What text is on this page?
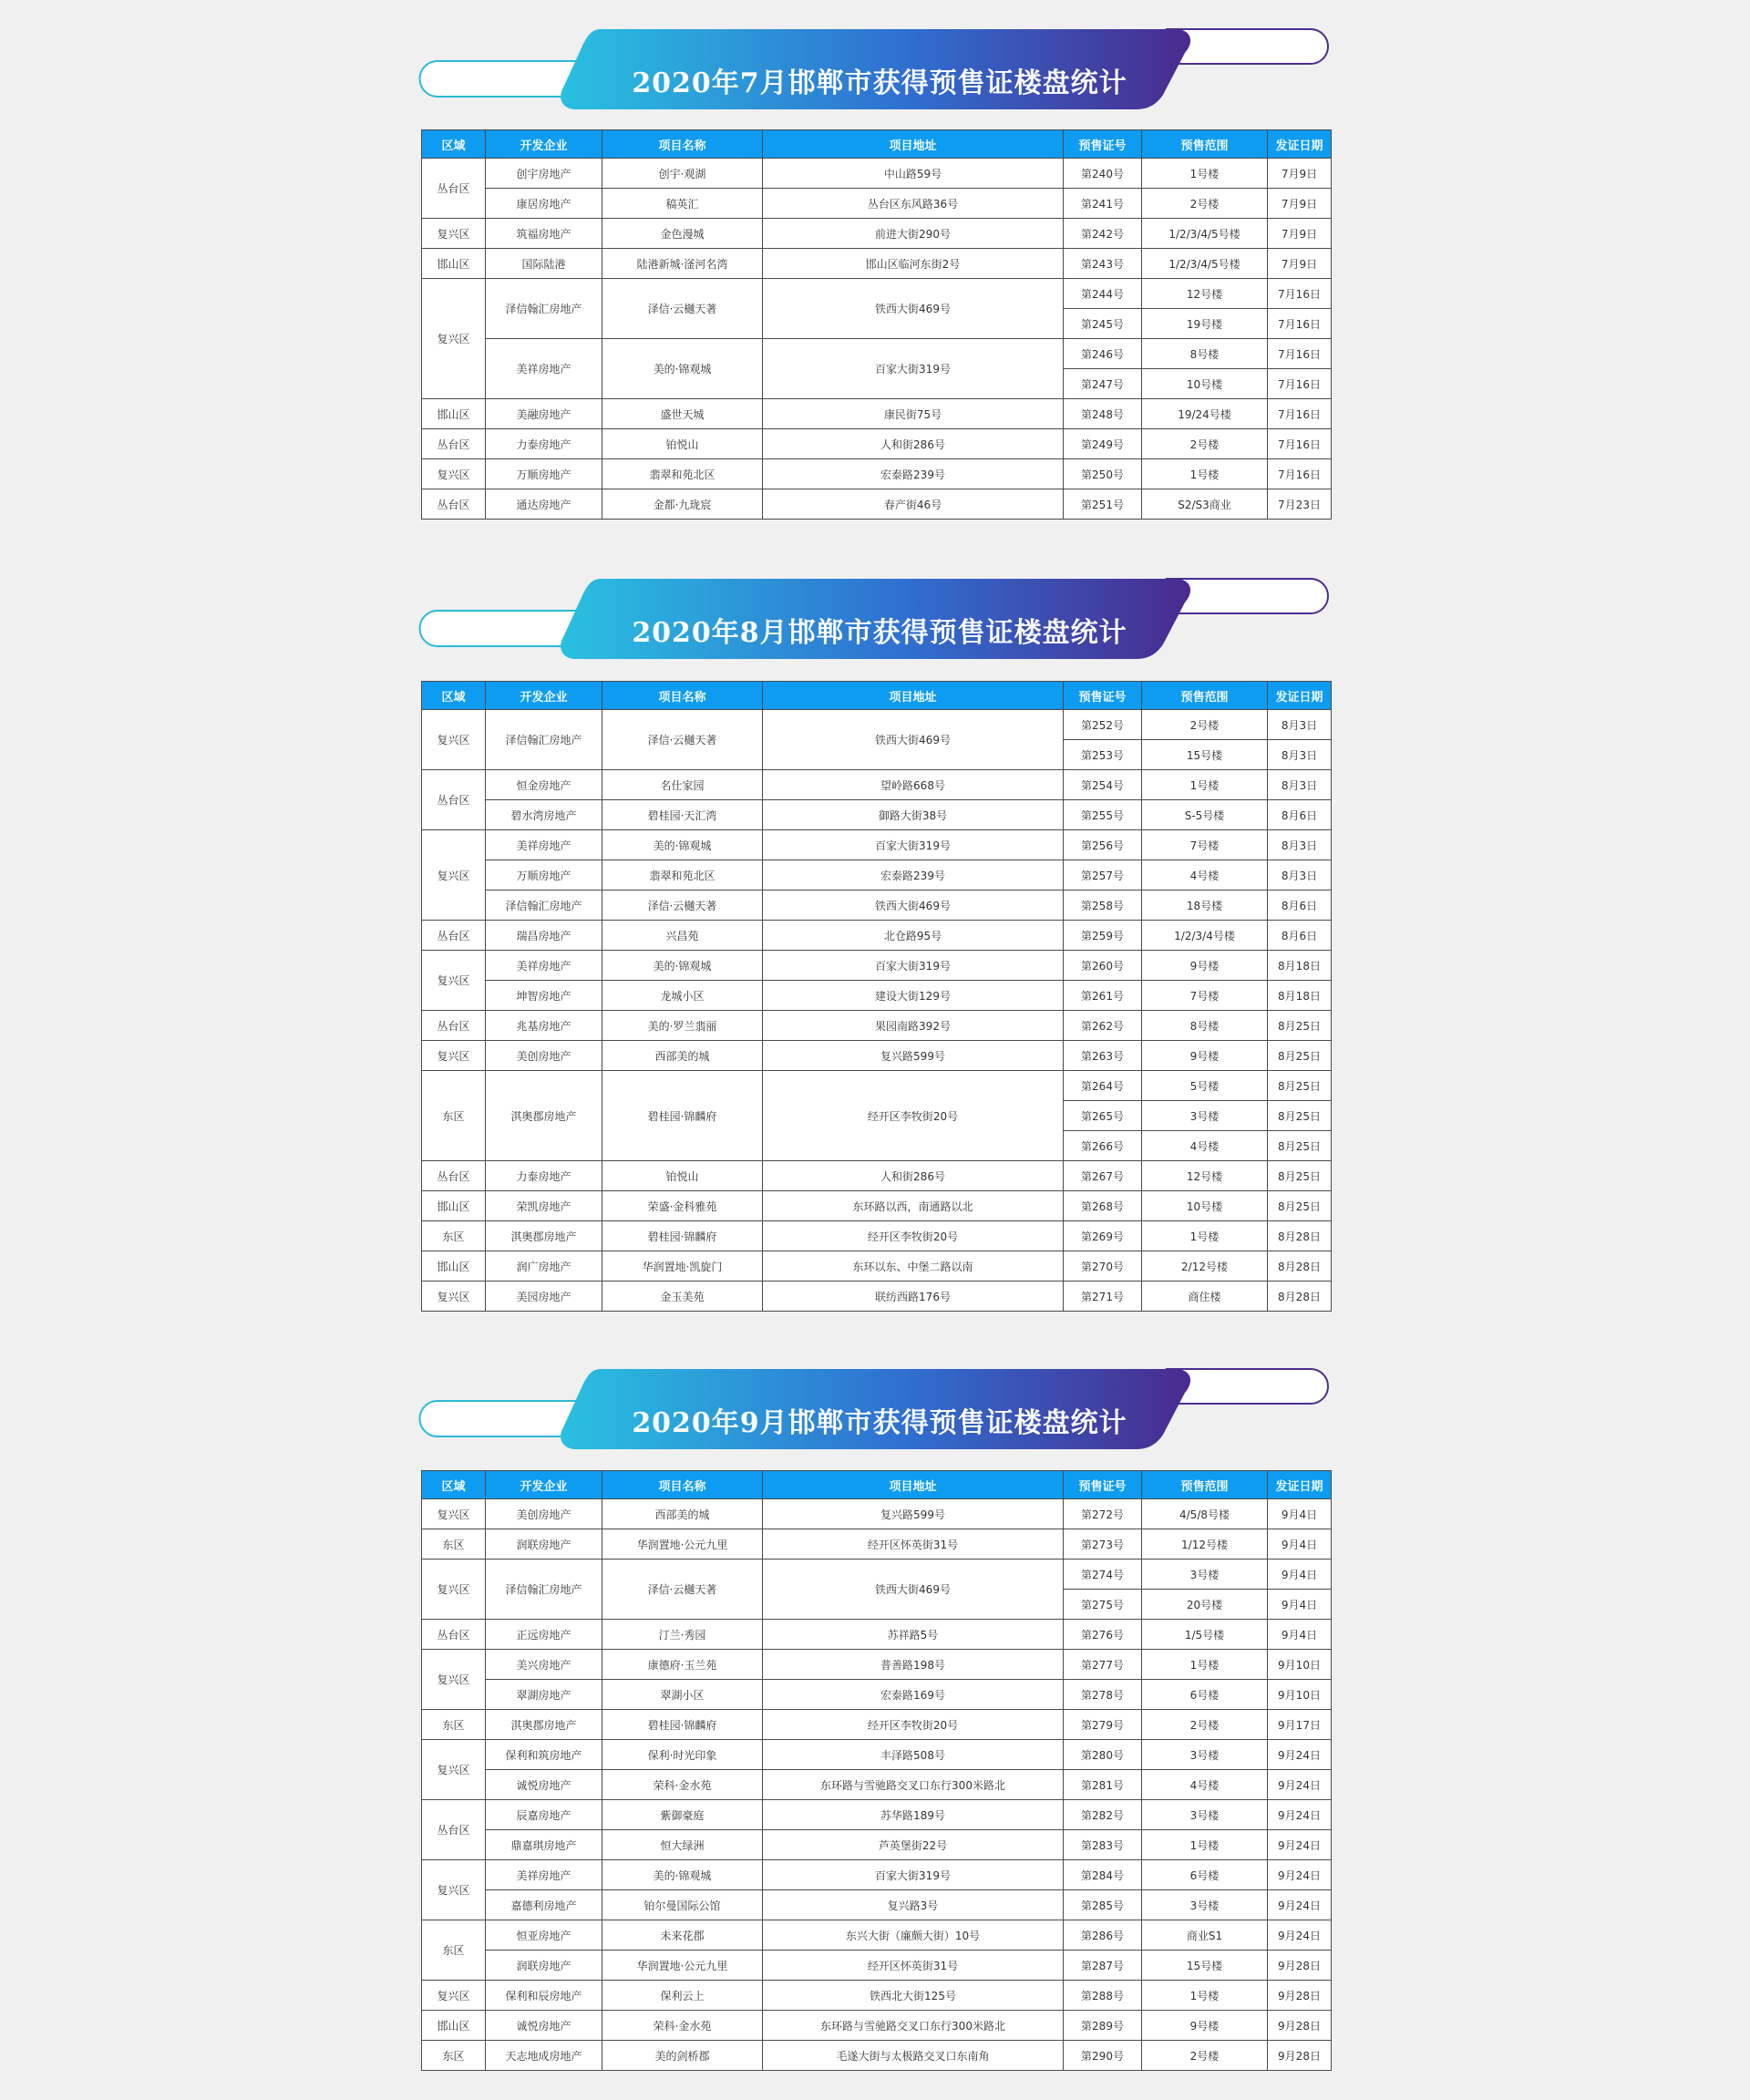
2020年7月邯郸市获得预售证楼盘统计
区域	开发企业	项目名称	项目地址	预售证号	预售范围	发证日期
丛台区	创宇房地产	创宇·观湖	中山路59号	第240号	1号楼	7月9日
	康居房地产	稿英汇	丛台区东风路36号	第241号	2号楼	7月9日
复兴区	筑福房地产	金色漫城	前进大街290号	第242号	1/2/3/4/5号楼	7月9日
邯山区	国际陆港	陆港新城·滏河名湾	邯山区临河东街2号	第243号	1/2/3/4/5号楼	7月9日
复兴区	泽信翰汇房地产	泽信·云樾天著	铁西大街469号	第244号	12号楼	7月16日
				第245号	19号楼	7月16日
	美祥房地产	美的·锦观城	百家大街319号	第246号	8号楼	7月16日
				第247号	10号楼	7月16日
邯山区	美融房地产	盛世天城	康民街75号	第248号	19/24号楼	7月16日
丛台区	力泰房地产	铂悦山	人和街286号	第249号	2号楼	7月16日
复兴区	万顺房地产	翡翠和苑北区	宏泰路239号	第250号	1号楼	7月16日
丛台区	通达房地产	金都·九珑宸	春产街46号	第251号	S2/S3商业	7月23日
2020年8月邯郸市获得预售证楼盘统计
区域	开发企业	项目名称	项目地址	预售证号	预售范围	发证日期
复兴区	泽信翰汇房地产	泽信·云樾天著	铁西大街469号	第252号	2号楼	8月3日
				第253号	15号楼	8月3日
丛台区	恒金房地产	名仕家园	望岭路668号	第254号	1号楼	8月3日
	碧水湾房地产	碧桂园·天汇湾	御路大街38号	第255号	S-5号楼	8月6日
复兴区	美祥房地产	美的·锦观城	百家大街319号	第256号	7号楼	8月3日
	万顺房地产	翡翠和苑北区	宏泰路239号	第257号	4号楼	8月3日
	泽信翰汇房地产	泽信·云樾天著	铁西大街469号	第258号	18号楼	8月6日
丛台区	瑞昌房地产	兴昌苑	北仓路95号	第259号	1/2/3/4号楼	8月6日
复兴区	美祥房地产	美的·锦观城	百家大街319号	第260号	9号楼	8月18日
	坤智房地产	龙城小区	建设大街129号	第261号	7号楼	8月18日
丛台区	兆基房地产	美的·罗兰翡丽	果园南路392号	第262号	8号楼	8月25日
复兴区	美创房地产	西部美的城	复兴路599号	第263号	9号楼	8月25日
东区	淇奥郡房地产	碧桂园·锦麟府	经开区李牧街20号	第264号	5号楼	8月25日
				第265号	3号楼	8月25日
				第266号	4号楼	8月25日
丛台区	力泰房地产	铂悦山	人和街286号	第267号	12号楼	8月25日
邯山区	荣凯房地产	荣盛·金科雅苑	东环路以西，南通路以北	第268号	10号楼	8月25日
东区	淇奥郡房地产	碧桂园·锦麟府	经开区李牧街20号	第269号	1号楼	8月28日
邯山区	润广房地产	华润置地·凯旋门	东环以东、中堡二路以南	第270号	2/12号楼	8月28日
复兴区	美园房地产	金玉美苑	联纺西路176号	第271号	商住楼	8月28日
2020年9月邯郸市获得预售证楼盘统计
区域	开发企业	项目名称	项目地址	预售证号	预售范围	发证日期
复兴区	美创房地产	西部美的城	复兴路599号	第272号	4/5/8号楼	9月4日
东区	润联房地产	华润置地·公元九里	经开区怀英街31号	第273号	1/12号楼	9月4日
复兴区	泽信翰汇房地产	泽信·云樾天著	铁西大街469号	第274号	3号楼	9月4日
				第275号	20号楼	9月4日
丛台区	正远房地产	汀兰·秀园	苏祥路5号	第276号	1/5号楼	9月4日
复兴区	美兴房地产	康德府·玉兰苑	普善路198号	第277号	1号楼	9月10日
	翠湖房地产	翠湖小区	宏泰路169号	第278号	6号楼	9月10日
东区	淇奥郡房地产	碧桂园·锦麟府	经开区李牧街20号	第279号	2号楼	9月17日
复兴区	保利和筑房地产	保利·时光印象	丰泽路508号	第280号	3号楼	9月24日
	诚悦房地产	荣科·金水苑	东环路与雪驰路交叉口东行300米路北	第281号	4号楼	9月24日
丛台区	辰嘉房地产	紫御豪庭	苏华路189号	第282号	3号楼	9月24日
	鼎嘉琪房地产	恒大绿洲	芦英堡街22号	第283号	1号楼	9月24日
复兴区	美祥房地产	美的·锦观城	百家大街319号	第284号	6号楼	9月24日
	嘉德利房地产	铂尔曼国际公馆	复兴路3号	第285号	3号楼	9月24日
东区	恒亚房地产	未来花郡	东兴大街（廉颇大街）10号	第286号	商业S1	9月24日
	润联房地产	华润置地·公元九里	经开区怀英街31号	第287号	15号楼	9月28日
复兴区	保利和辰房地产	保利云上	铁西北大街125号	第288号	1号楼	9月28日
邯山区	诚悦房地产	荣科·金水苑	东环路与雪驰路交叉口东行300米路北	第289号	9号楼	9月28日
东区	天志地成房地产	美的剑桥郡	毛遂大街与太极路交叉口东南角	第290号	2号楼	9月28日
